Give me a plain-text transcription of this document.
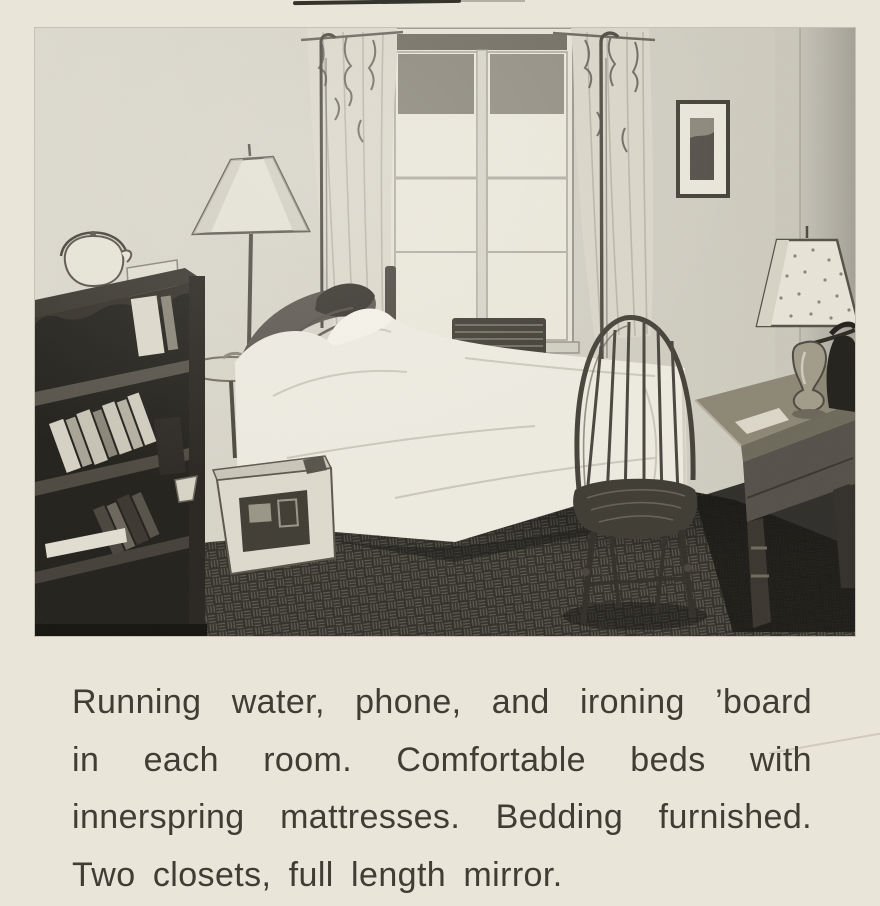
Running water, phone, and ironing ’board
in each room. Comfortable beds with
innerspring mattresses. Bedding furnished.
Two closets, full length mirror.
